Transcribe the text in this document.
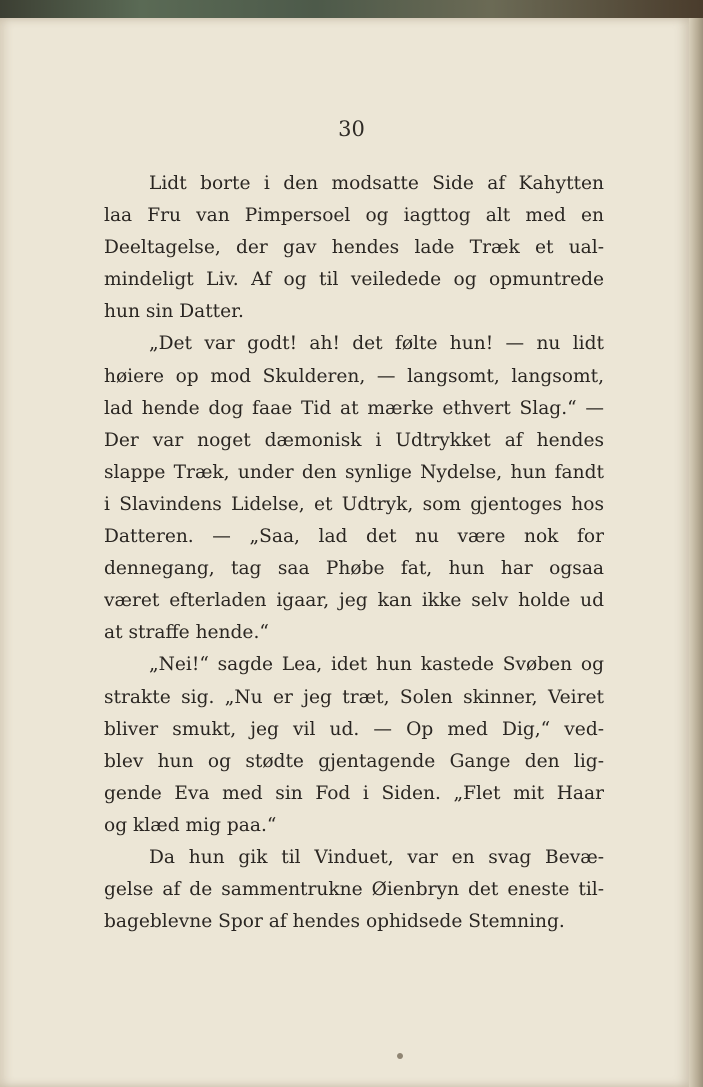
30
Lidt borte i den modsatte Side af Kahytten
laa Fru van Pimpersoel og iagttog alt med en
Deeltagelse, der gav hendes lade Træk et ual-
mindeligt Liv. Af og til veiledede og opmuntrede
hun sin Datter.
„Det var godt! ah! det følte hun! — nu lidt
høiere op mod Skulderen, — langsomt, langsomt,
lad hende dog faae Tid at mærke ethvert Slag.“ —
Der var noget dæmonisk i Udtrykket af hendes
slappe Træk, under den synlige Nydelse, hun fandt
i Slavindens Lidelse, et Udtryk, som gjentoges hos
Datteren. — „Saa, lad det nu være nok for
dennegang, tag saa Phøbe fat, hun har ogsaa
været efterladen igaar, jeg kan ikke selv holde ud
at straffe hende.“
„Nei!“ sagde Lea, idet hun kastede Svøben og
strakte sig. „Nu er jeg træt, Solen skinner, Veiret
bliver smukt, jeg vil ud. — Op med Dig,“ ved-
blev hun og stødte gjentagende Gange den lig-
gende Eva med sin Fod i Siden. „Flet mit Haar
og klæd mig paa.“
Da hun gik til Vinduet, var en svag Bevæ-
gelse af de sammentrukne Øienbryn det eneste til-
bageblevne Spor af hendes ophidsede Stemning.
